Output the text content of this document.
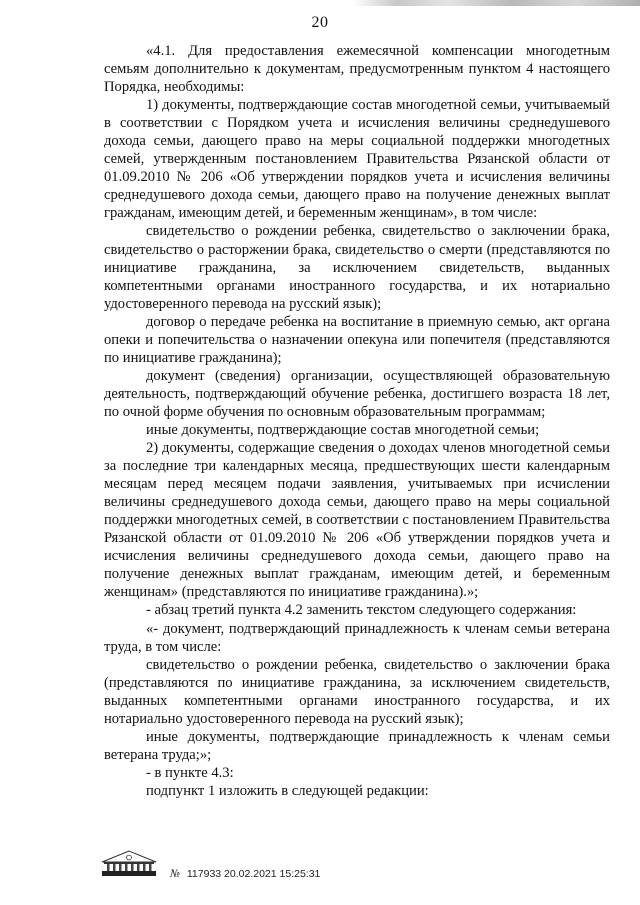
20

«4.1. Для предоставления ежемесячной компенсации многодетным семьям дополнительно к документам, предусмотренным пунктом 4 настоящего Порядка, необходимы:

1) документы, подтверждающие состав многодетной семьи, учитываемый в соответствии с Порядком учета и исчисления величины среднедушевого дохода семьи, дающего право на меры социальной поддержки многодетных семей, утвержденным постановлением Правительства Рязанской области от 01.09.2010 № 206 «Об утверждении порядков учета и исчисления величины среднедушевого дохода семьи, дающего право на получение денежных выплат гражданам, имеющим детей, и беременным женщинам», в том числе:

свидетельство о рождении ребенка, свидетельство о заключении брака, свидетельство о расторжении брака, свидетельство о смерти (представляются по инициативе гражданина, за исключением свидетельств, выданных компетентными органами иностранного государства, и их нотариально удостоверенного перевода на русский язык);

договор о передаче ребенка на воспитание в приемную семью, акт органа опеки и попечительства о назначении опекуна или попечителя (представляются по инициативе гражданина);

документ (сведения) организации, осуществляющей образовательную деятельность, подтверждающий обучение ребенка, достигшего возраста 18 лет, по очной форме обучения по основным образовательным программам;

иные документы, подтверждающие состав многодетной семьи;

2) документы, содержащие сведения о доходах членов многодетной семьи за последние три календарных месяца, предшествующих шести календарным месяцам перед месяцем подачи заявления, учитываемых при исчислении величины среднедушевого дохода семьи, дающего право на меры социальной поддержки многодетных семей, в соответствии с постановлением Правительства Рязанской области от 01.09.2010 № 206 «Об утверждении порядков учета и исчисления величины среднедушевого дохода семьи, дающего право на получение денежных выплат гражданам, имеющим детей, и беременным женщинам» (представляются по инициативе гражданина).»;

- абзац третий пункта 4.2 заменить текстом следующего содержания:

«- документ, подтверждающий принадлежность к членам семьи ветерана труда, в том числе:

свидетельство о рождении ребенка, свидетельство о заключении брака (представляются по инициативе гражданина, за исключением свидетельств, выданных компетентными органами иностранного государства, и их нотариально удостоверенного перевода на русский язык);

иные документы, подтверждающие принадлежность к членам семьи ветерана труда;»;

- в пункте 4.3:

подпункт 1 изложить в следующей редакции:

№ 117933 20.02.2021 15:25:31
